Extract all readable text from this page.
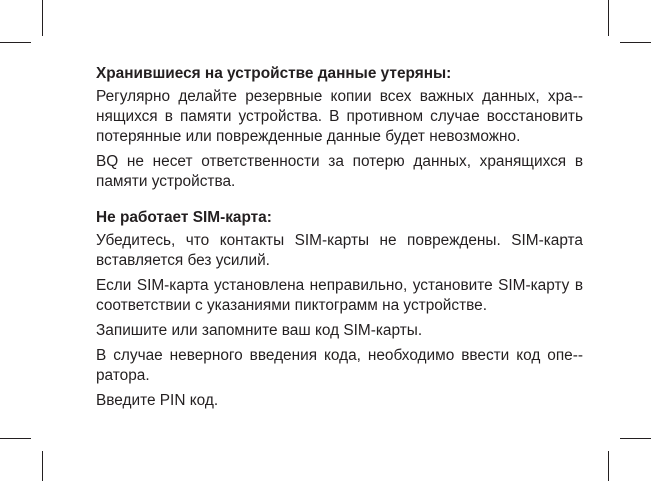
Хранившиеся на устройстве данные утеряны:

Регулярно делайте резервные копии всех важных данных, хра-нящихся в памяти устройства. В противном случае восстановить потерянные или поврежденные данные будет невозможно.

BQ не несет ответственности за потерю данных, хранящихся в памяти устройства.

Не работает SIM-карта:

Убедитесь, что контакты SIM-карты не повреждены. SIM-карта вставляется без усилий.

Если SIM-карта установлена неправильно, установите SIM-карту в соответствии с указаниями пиктограмм на устройстве.

Запишите или запомните ваш код SIM-карты.

В случае неверного введения кода, необходимо ввести код опе-ратора.

Введите PIN код.
